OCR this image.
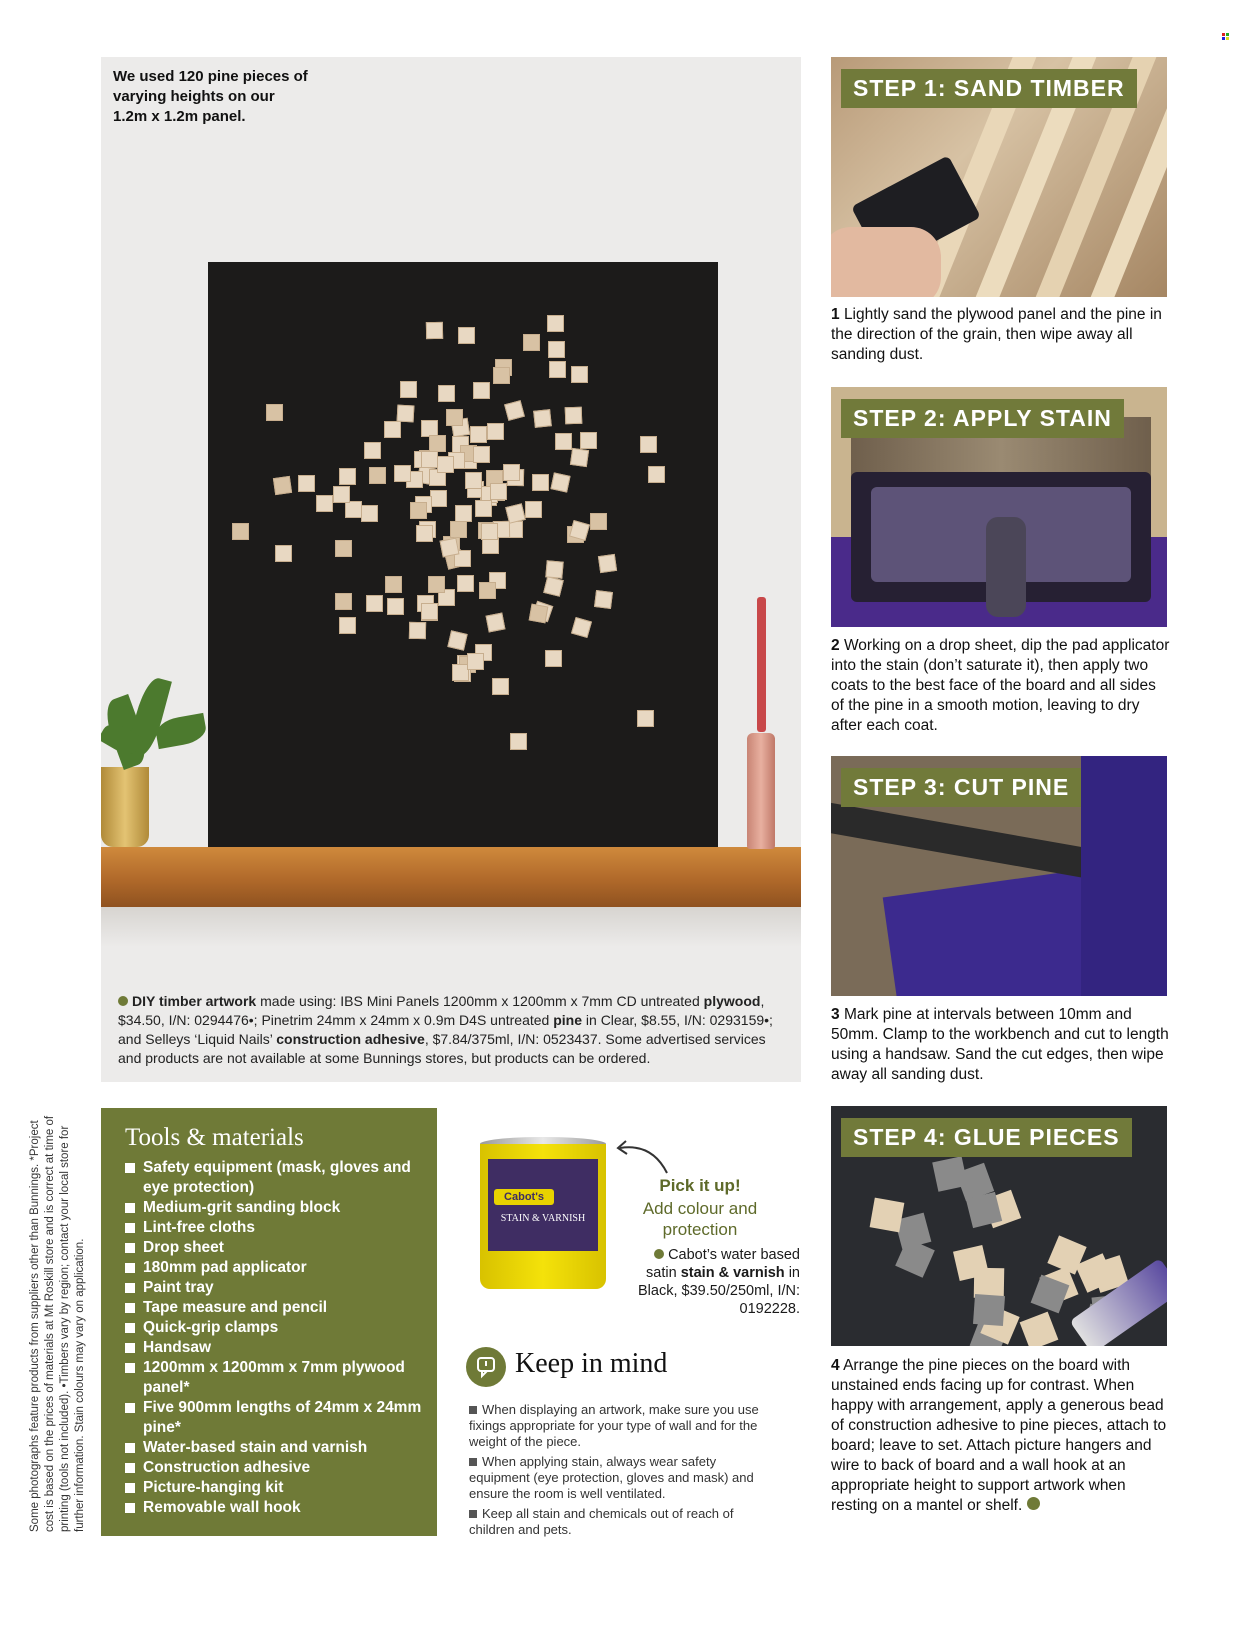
We used 120 pine pieces of varying heights on our 1.2m x 1.2m panel.
DIY timber artwork made using: IBS Mini Panels 1200mm x 1200mm x 7mm CD untreated plywood, $34.50, I/N: 0294476•; Pinetrim 24mm x 24mm x 0.9m D4S untreated pine in Clear, $8.55, I/N: 0293159•; and Selleys ‘Liquid Nails’ construction adhesive, $7.84/375ml, I/N: 0523437. Some advertised services and products are not available at some Bunnings stores, but products can be ordered.
STEP 1: SAND TIMBER
1 Lightly sand the plywood panel and the pine in the direction of the grain, then wipe away all sanding dust.
STEP 2: APPLY STAIN
2 Working on a drop sheet, dip the pad applicator into the stain (don’t saturate it), then apply two coats to the best face of the board and all sides of the pine in a smooth motion, leaving to dry after each coat.
STEP 3: CUT PINE
3 Mark pine at intervals between 10mm and 50mm. Clamp to the workbench and cut to length using a handsaw. Sand the cut edges, then wipe away all sanding dust.
STEP 4: GLUE PIECES
4 Arrange the pine pieces on the board with unstained ends facing up for contrast. When happy with arrangement, apply a generous bead of construction adhesive to pine pieces, attach to board; leave to set. Attach picture hangers and wire to back of board and a wall hook at an appropriate height to support artwork when resting on a mantel or shelf.
Tools & materials
Safety equipment (mask, gloves and eye protection)
Medium-grit sanding block
Lint-free cloths
Drop sheet
180mm pad applicator
Paint tray
Tape measure and pencil
Quick-grip clamps
Handsaw
1200mm x 1200mm x 7mm plywood panel*
Five 900mm lengths of 24mm x 24mm pine*
Water-based stain and varnish
Construction adhesive
Picture-hanging kit
Removable wall hook
Cabot's
STAIN & VARNISH
Pick it up!
Add colour and protection
Cabot’s water based satin stain & varnish in Black, $39.50/250ml, I/N: 0192228.
Keep in mind
When displaying an artwork, make sure you use fixings appropriate for your type of wall and for the weight of the piece.
When applying stain, always wear safety equipment (eye protection, gloves and mask) and ensure the room is well ventilated.
Keep all stain and chemicals out of reach of children and pets.
Some photographs feature products from suppliers other than Bunnings. *Project cost is based on the prices of materials at Mt Roskill store and is correct at time of printing (tools not included). •Timbers vary by region; contact your local store for further information. Stain colours may vary on application.
